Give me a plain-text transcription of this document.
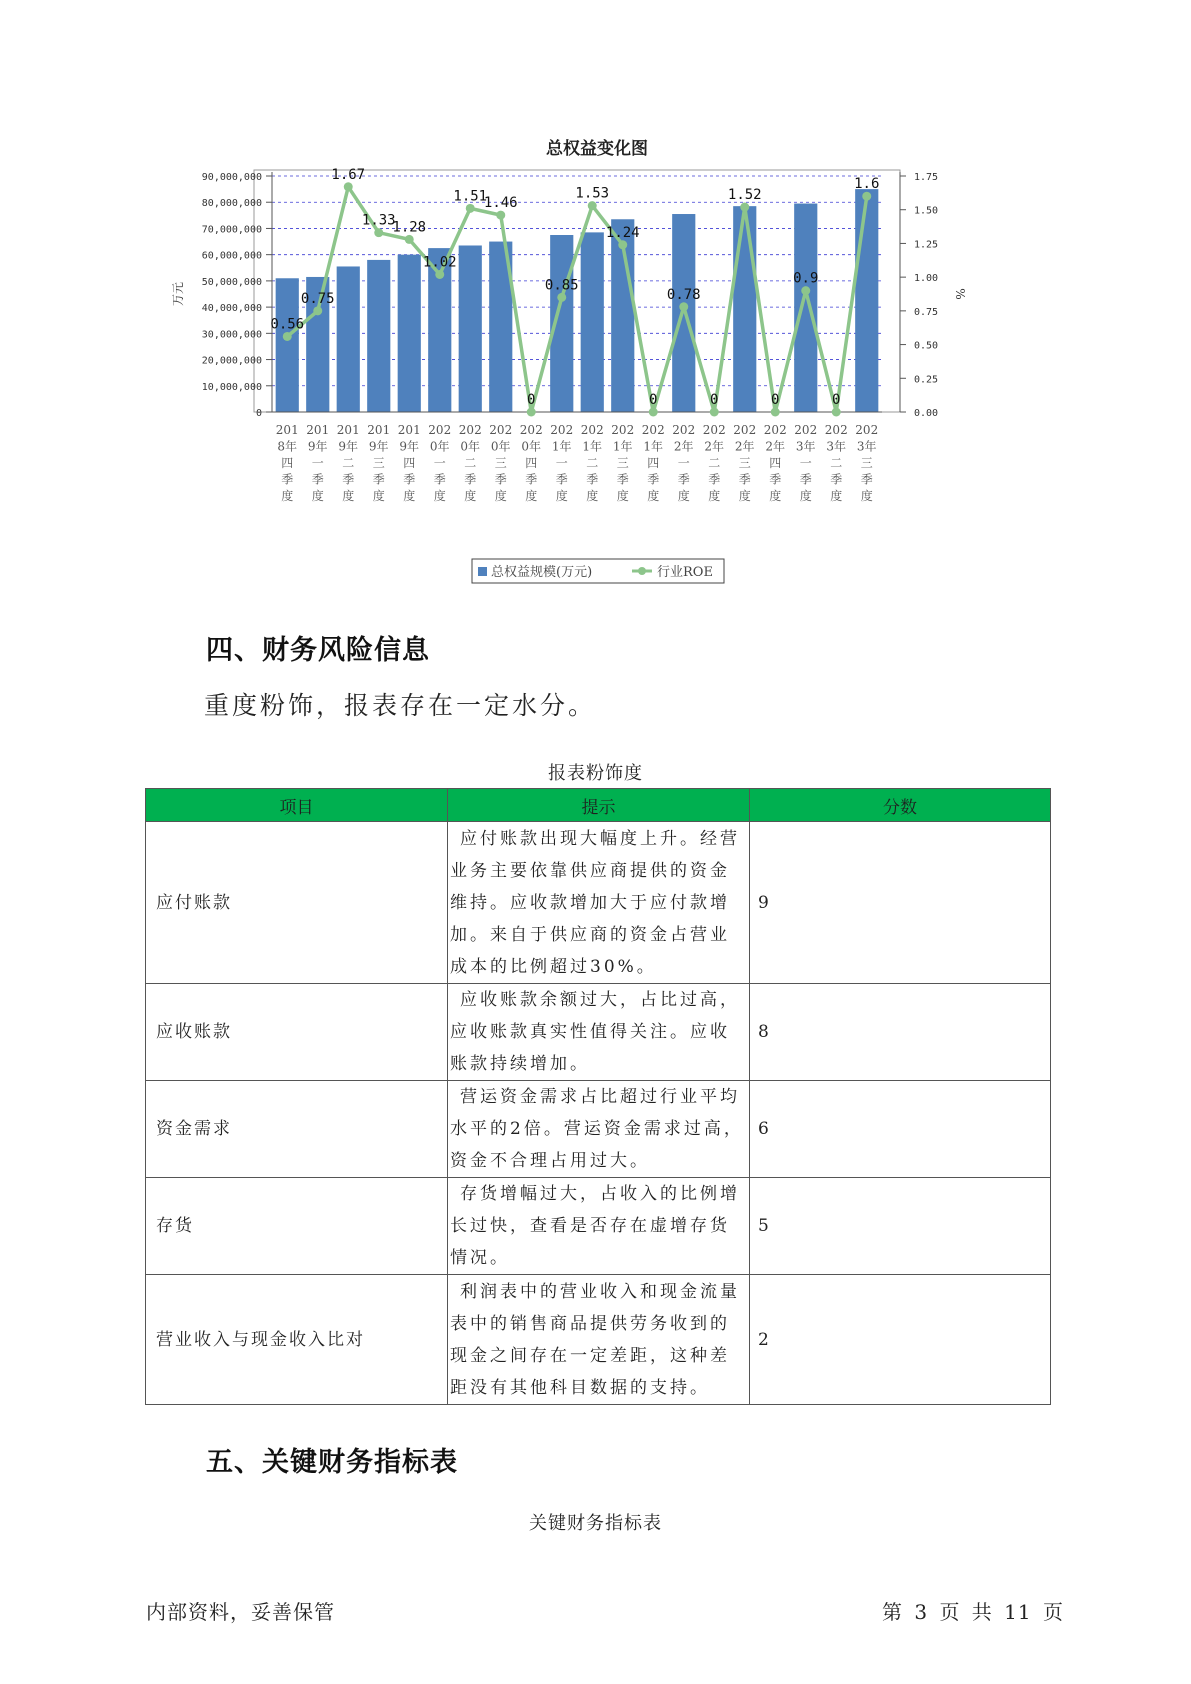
总权益变化图
90,000,000
80,000,000
70,000,000
60,000,000
50,000,000
40,000,000
30,000,000
20,000,000
10,000,000
0
1.75
1.50
1.25
1.00
0.75
0.50
0.25
0.00
万元	%
0.56
0.75
1.67
1.33
1.28
1.02
1.51
1.46
0
0.85
1.53
1.24
0
0.78
0
1.52
0
0.9
0
1.6
201
8年
四
季
度
201
9年
一
季
度
201
9年
二
季
度
201
9年
三
季
度
201
9年
四
季
度
202
0年
一
季
度
202
0年
二
季
度
202
0年
三
季
度
202
0年
四
季
度
202
1年
一
季
度
202
1年
二
季
度
202
1年
三
季
度
202
1年
四
季
度
202
2年
一
季
度
202
2年
二
季
度
202
2年
三
季
度
202
2年
四
季
度
202
3年
一
季
度
202
3年
二
季
度
202
3年
三
季
度
总权益规模(万元)	行业ROE
四、财务风险信息

重度粉饰，报表存在一定水分。

报表粉饰度
项目	提示	分数
应付账款	应付账款出现大幅度上升。经营业务主要依靠供应商提供的资金维持。应收款增加大于应付款增加。来自于供应商的资金占营业成本的比例超过30%。	9
应收账款	应收账款余额过大，占比过高，应收账款真实性值得关注。应收账款持续增加。	8
资金需求	营运资金需求占比超过行业平均水平的2倍。营运资金需求过高，资金不合理占用过大。	6
存货	存货增幅过大，占收入的比例增长过快，查看是否存在虚增存货情况。	5
营业收入与现金收入比对	利润表中的营业收入和现金流量表中的销售商品提供劳务收到的现金之间存在一定差距，这种差距没有其他科目数据的支持。	2
五、关键财务指标表
关键财务指标表
内部资料，妥善保管	第 3 页 共 11 页
